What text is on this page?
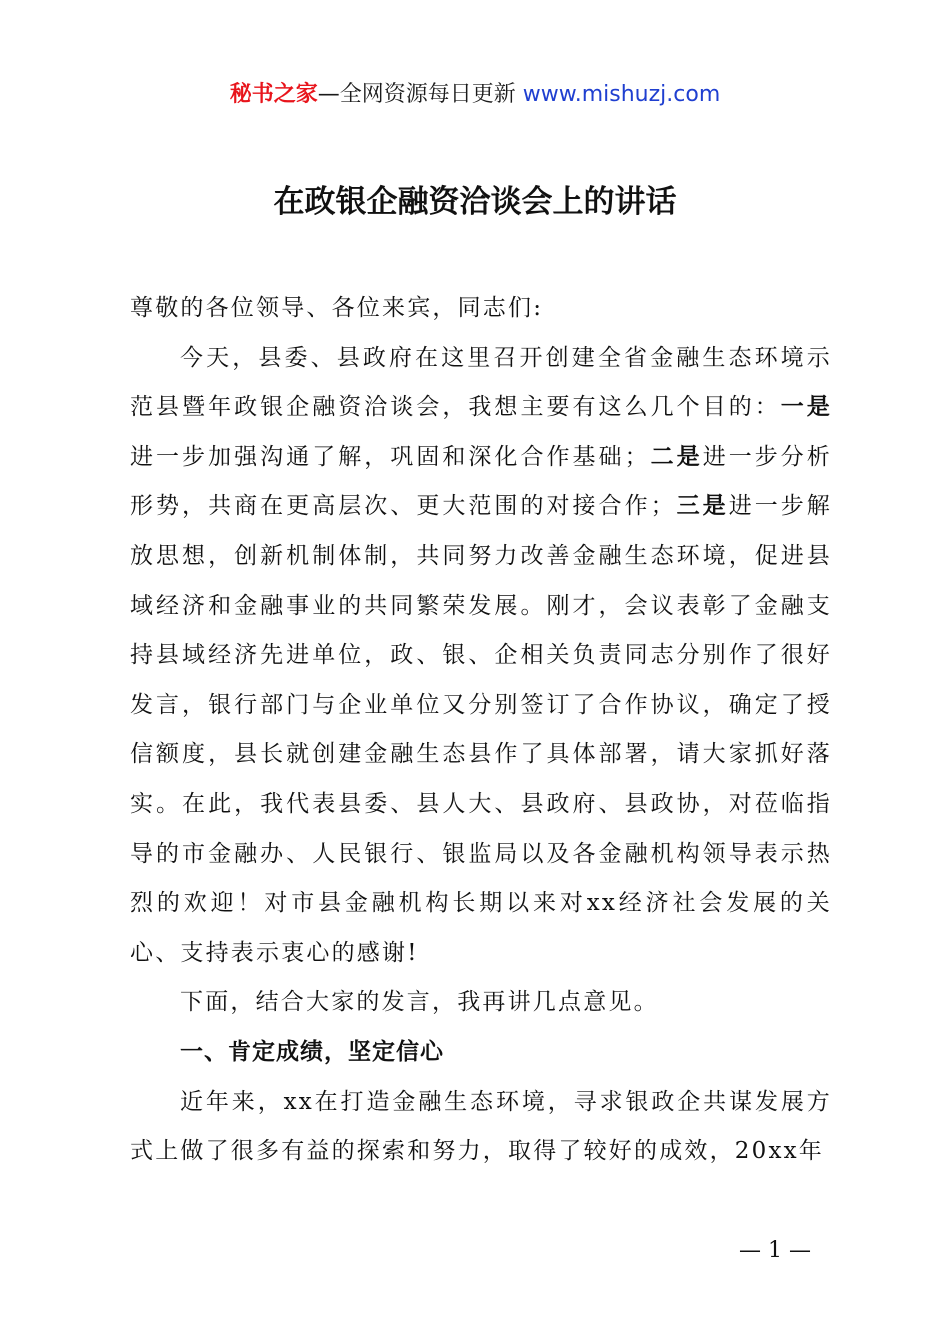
秘书之家—全网资源每日更新 www.mishuzj.com
在政银企融资洽谈会上的讲话

尊敬的各位领导、各位来宾，同志们:

今天，县委、县政府在这里召开创建全省金融生态环境示范县暨年政银企融资洽谈会，我想主要有这么几个目的：一是进一步加强沟通了解，巩固和深化合作基础；二是进一步分析形势，共商在更高层次、更大范围的对接合作；三是进一步解放思想，创新机制体制，共同努力改善金融生态环境，促进县域经济和金融事业的共同繁荣发展。刚才，会议表彰了金融支持县域经济先进单位，政、银、企相关负责同志分别作了很好发言，银行部门与企业单位又分别签订了合作协议，确定了授信额度，县长就创建金融生态县作了具体部署，请大家抓好落实。在此，我代表县委、县人大、县政府、县政协，对莅临指导的市金融办、人民银行、银监局以及各金融机构领导表示热烈的欢迎！对市县金融机构长期以来对xx经济社会发展的关心、支持表示衷心的感谢!

下面，结合大家的发言，我再讲几点意见。

一、肯定成绩，坚定信心

近年来，xx在打造金融生态环境，寻求银政企共谋发展方式上做了很多有益的探索和努力，取得了较好的成效，20xx年

— 1 —
